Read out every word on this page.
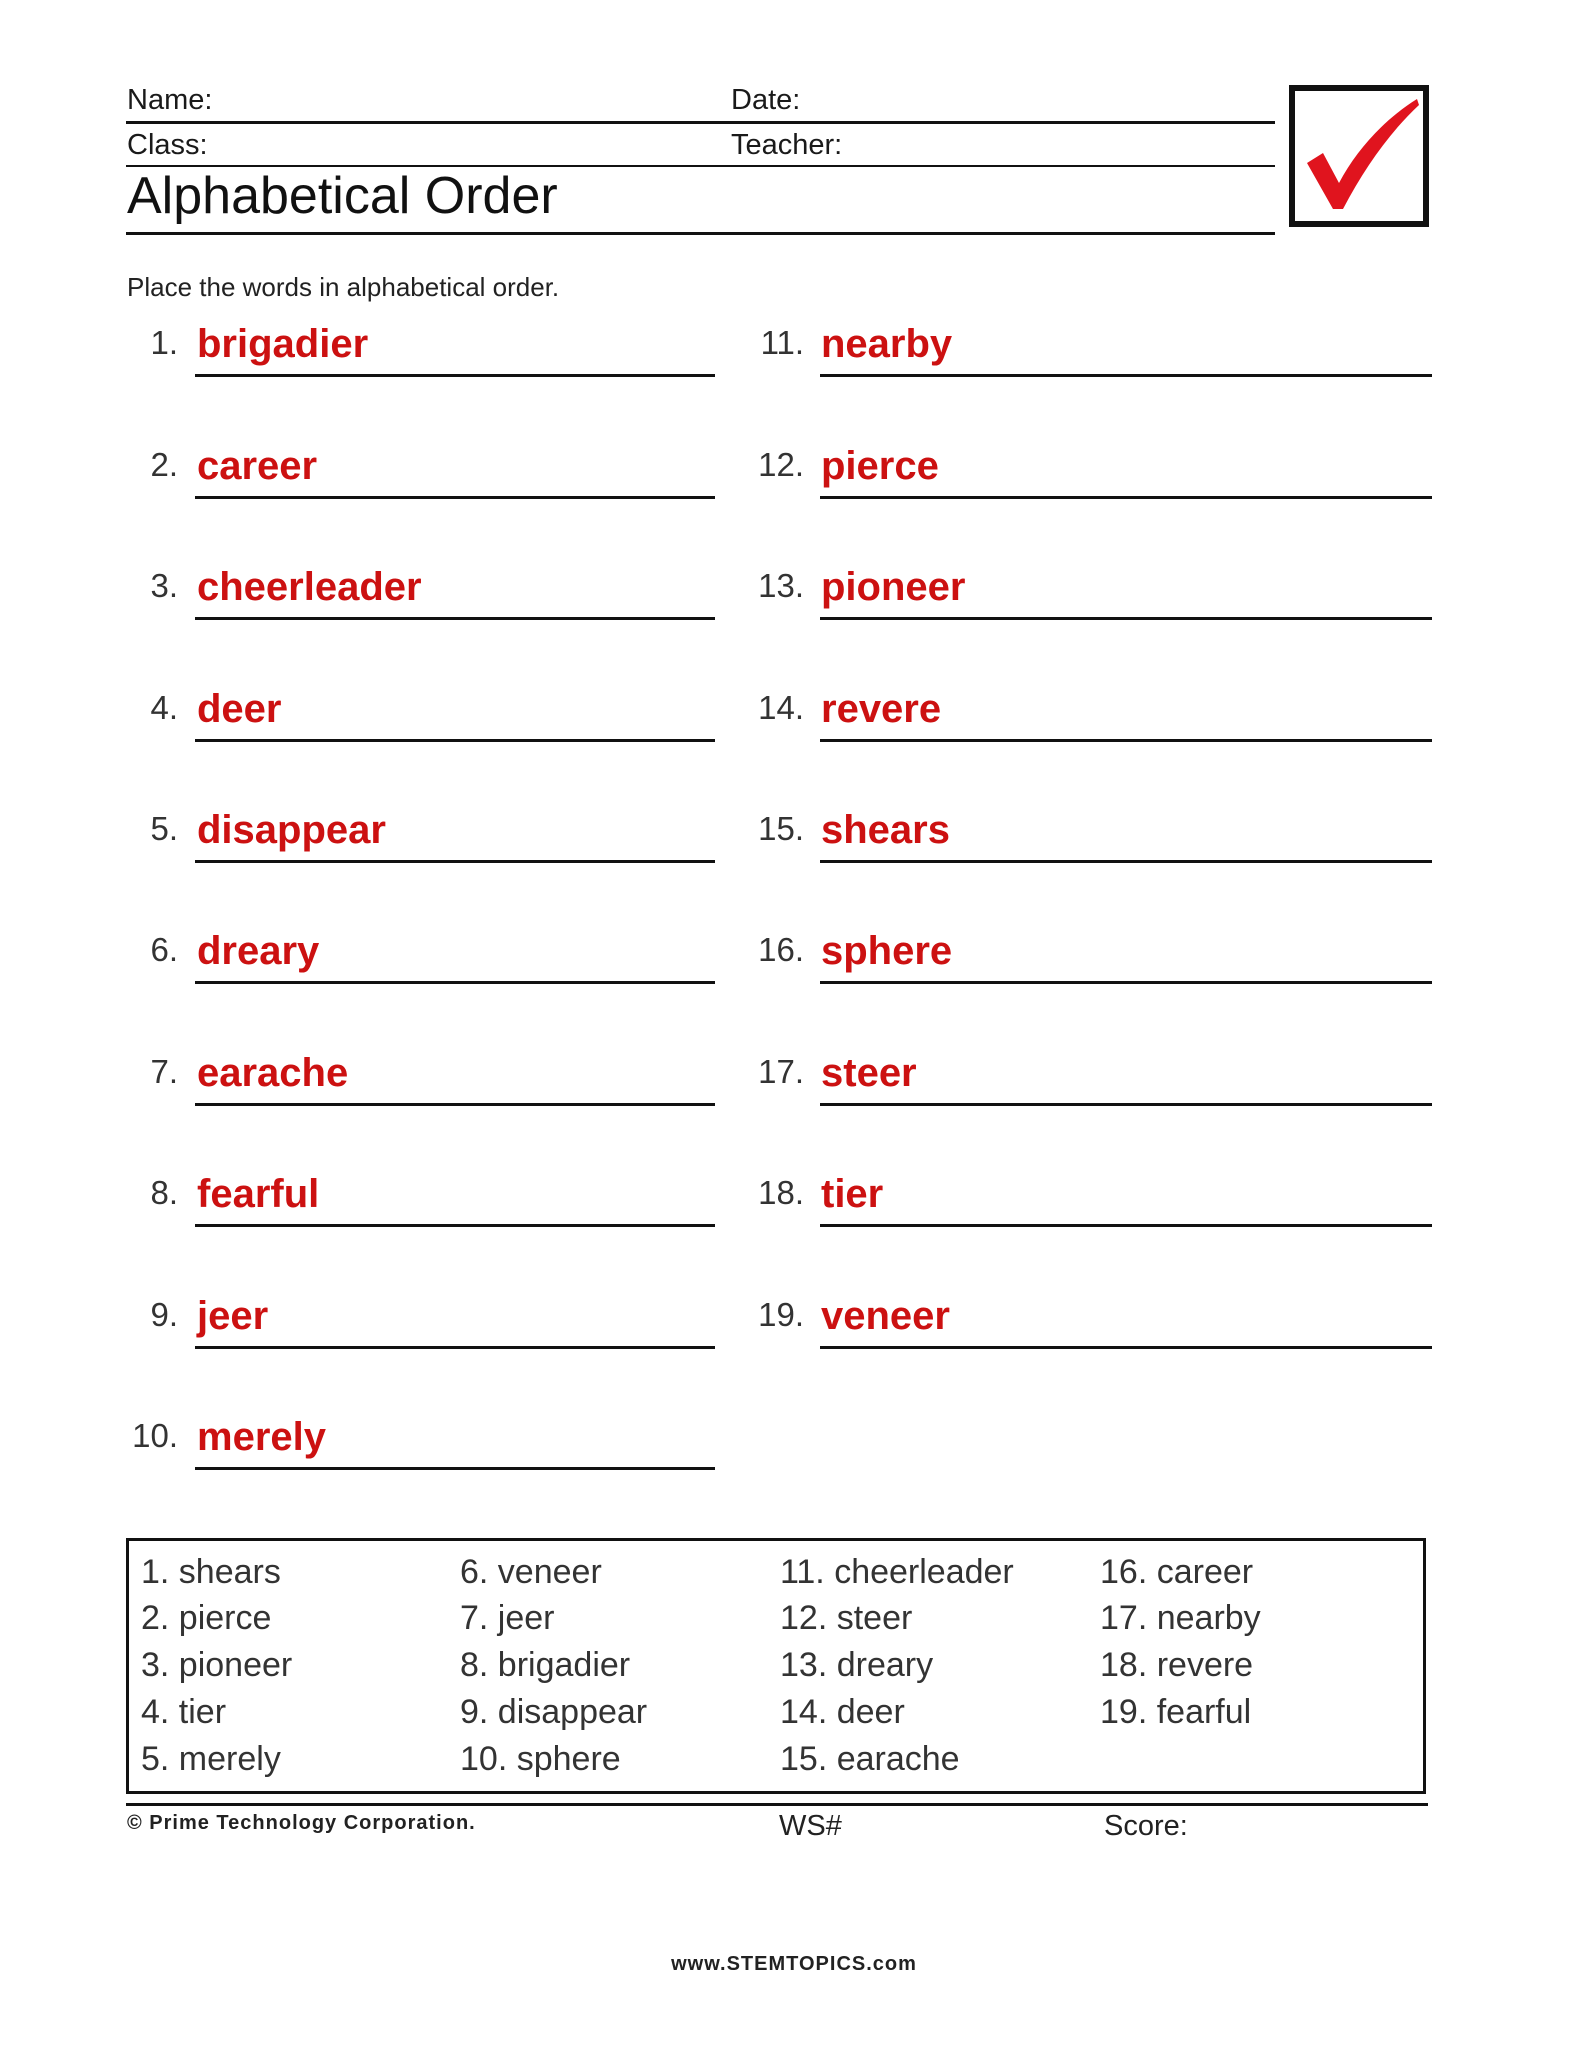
Name:	Date:
Class:	Teacher:
Alphabetical Order
Place the words in alphabetical order.
1. brigadier
2. career
3. cheerleader
4. deer
5. disappear
6. dreary
7. earache
8. fearful
9. jeer
10. merely
11. nearby
12. pierce
13. pioneer
14. revere
15. shears
16. sphere
17. steer
18. tier
19. veneer
1. shears
2. pierce
3. pioneer
4. tier
5. merely
6. veneer
7. jeer
8. brigadier
9. disappear
10. sphere
11. cheerleader
12. steer
13. dreary
14. deer
15. earache
16. career
17. nearby
18. revere
19. fearful
© Prime Technology Corporation.	WS#	Score:
www.STEMTOPICS.com
